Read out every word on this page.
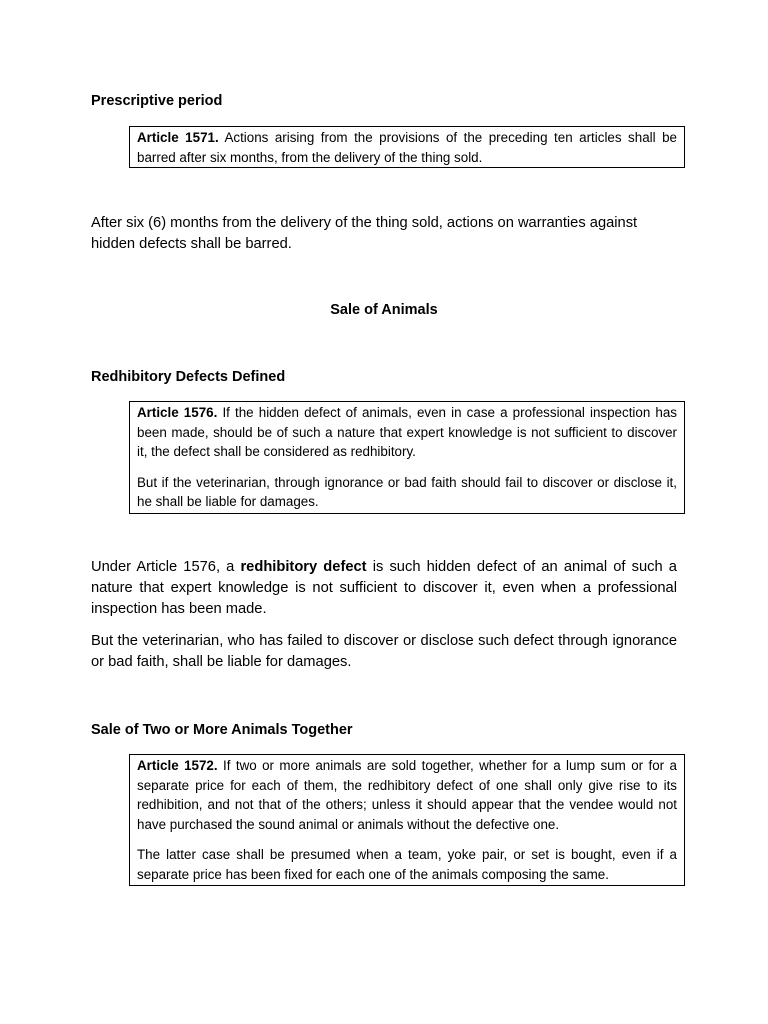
Prescriptive period

Article 1571. Actions arising from the provisions of the preceding ten articles shall be barred after six months, from the delivery of the thing sold.

After six (6) months from the delivery of the thing sold, actions on warranties against hidden defects shall be barred.

Sale of Animals
Redhibitory Defects Defined

Article 1576. If the hidden defect of animals, even in case a professional inspection has been made, should be of such a nature that expert knowledge is not sufficient to discover it, the defect shall be considered as redhibitory.

But if the veterinarian, through ignorance or bad faith should fail to discover or disclose it, he shall be liable for damages.

Under Article 1576, a redhibitory defect is such hidden defect of an animal of such a nature that expert knowledge is not sufficient to discover it, even when a professional inspection has been made.

But the veterinarian, who has failed to discover or disclose such defect through ignorance or bad faith, shall be liable for damages.

Sale of Two or More Animals Together

Article 1572. If two or more animals are sold together, whether for a lump sum or for a separate price for each of them, the redhibitory defect of one shall only give rise to its redhibition, and not that of the others; unless it should appear that the vendee would not have purchased the sound animal or animals without the defective one.

The latter case shall be presumed when a team, yoke pair, or set is bought, even if a separate price has been fixed for each one of the animals composing the same.
